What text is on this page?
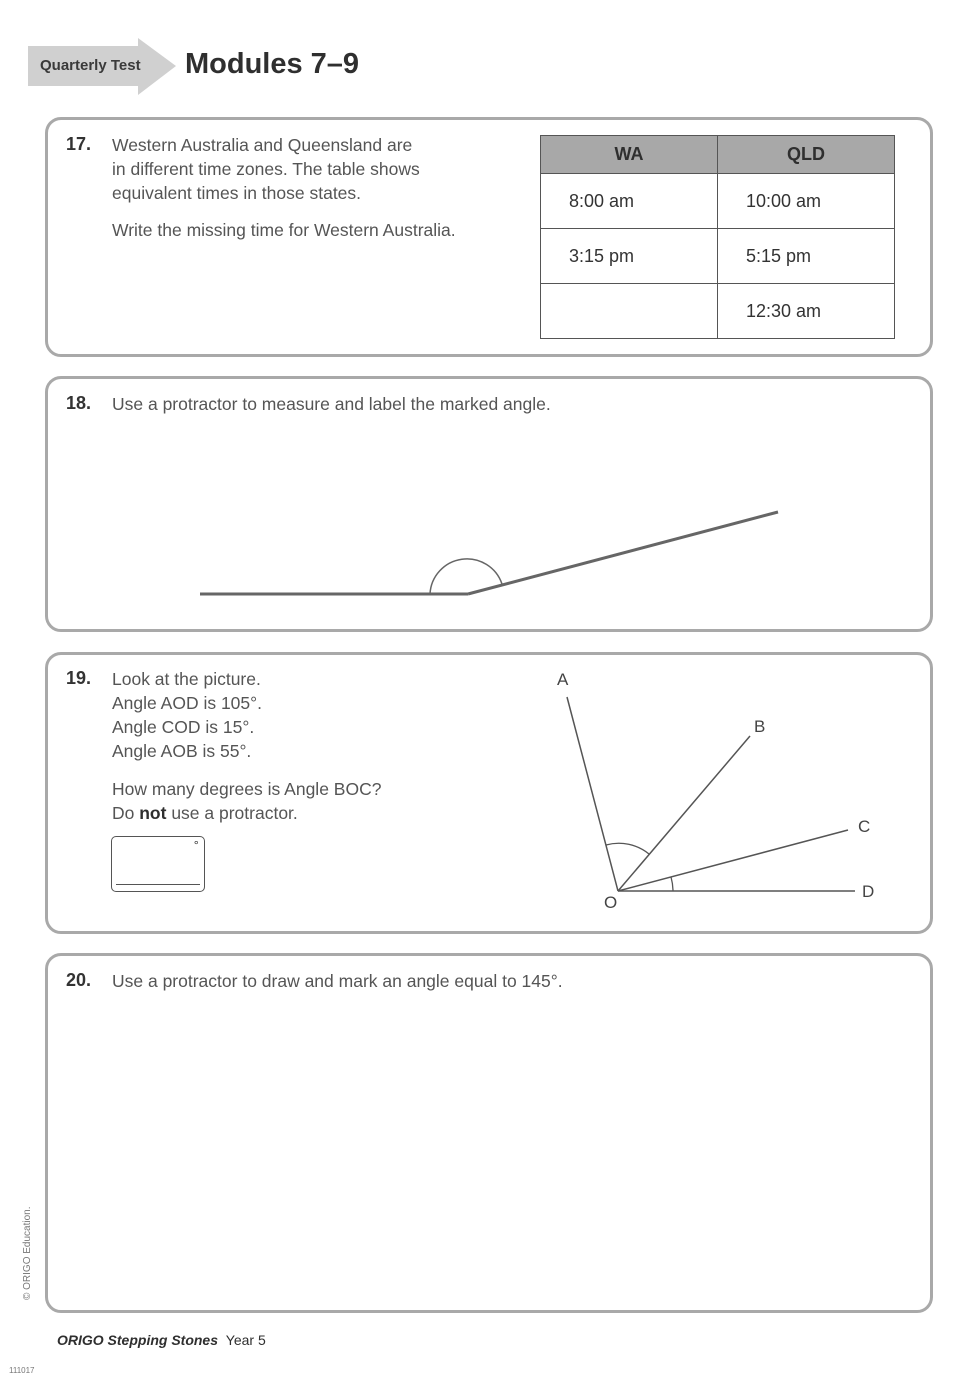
Quarterly Test Modules 7–9
17. Western Australia and Queensland are
in different time zones. The table shows
equivalent times in those states.
Write the missing time for Western Australia.
WA	QLD
8:00 am	10:00 am
3:15 pm	5:15 pm
	12:30 am
18. Use a protractor to measure and label the marked angle.
19. Look at the picture.
Angle AOD is 105°.
Angle COD is 15°.
Angle AOB is 55°.
How many degrees is Angle BOC?
Do not use a protractor.
°
A
B
C
D
O
20. Use a protractor to draw and mark an angle equal to 145°.
© ORIGO Education.
ORIGO Stepping Stones Year 5
111017
